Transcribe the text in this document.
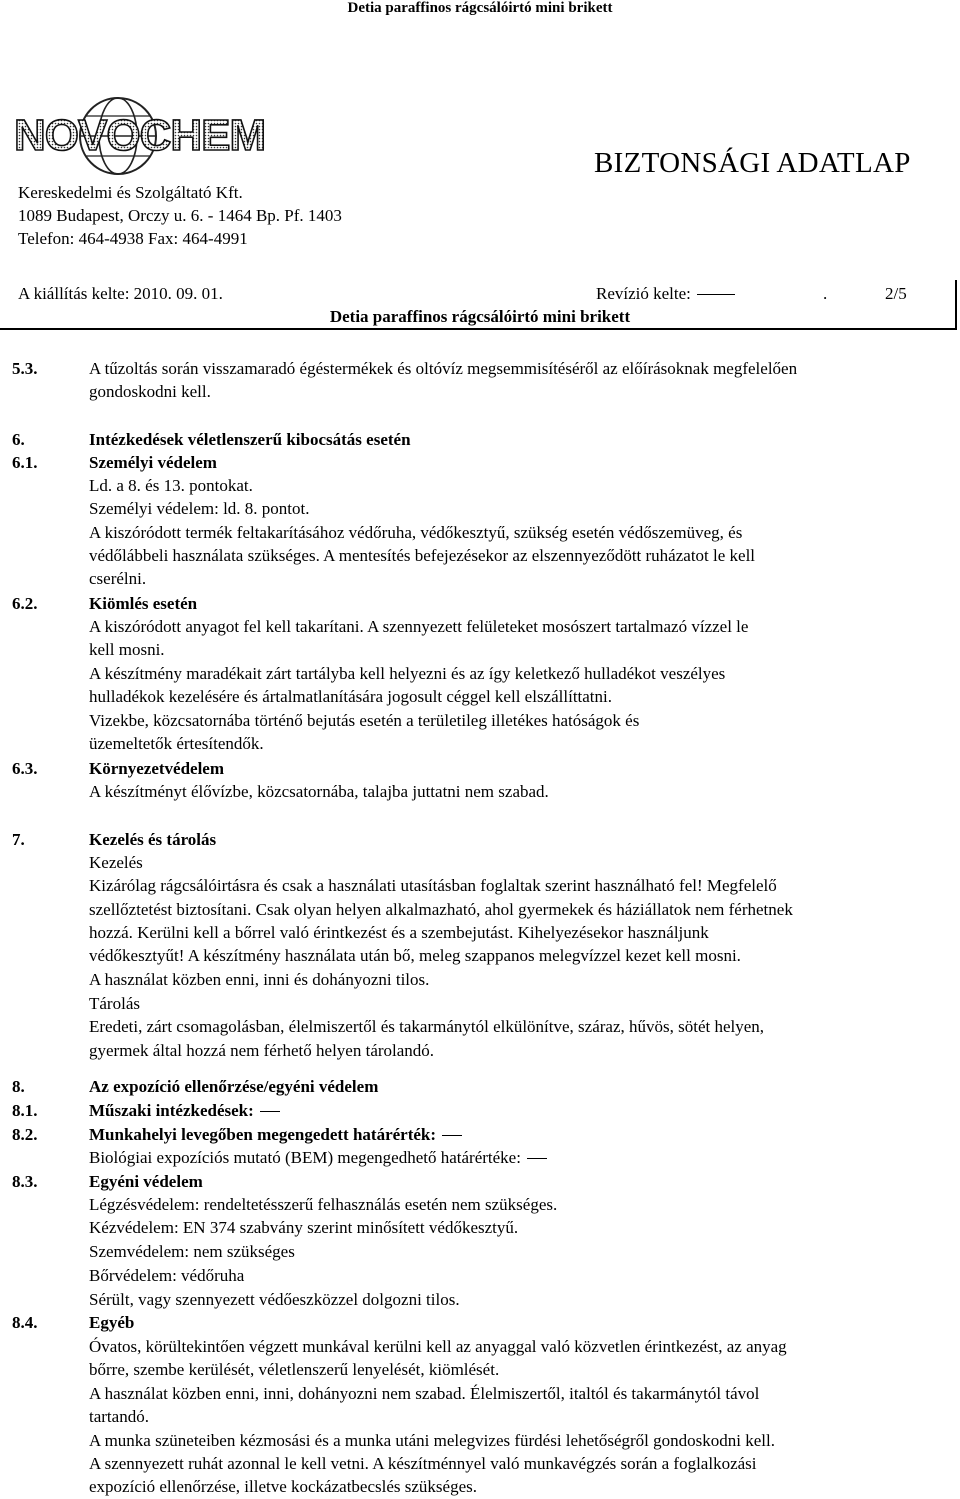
Detia paraffinos rágcsálóirtó mini brikett
NOVOCHEM
Kereskedelmi és Szolgáltató Kft.
1089 Budapest, Orczy u. 6. - 1464 Bp. Pf. 1403
Telefon: 464-4938 Fax: 464-4991
BIZTONSÁGI ADATLAP
A kiállítás kelte: 2010. 09. 01.	Revízió kelte:	.	2/5
Detia paraffinos rágcsálóirtó mini brikett
5.3.	A tűzoltás során visszamaradó égéstermékek és oltóvíz megsemmisítéséről az előírásoknak megfelelően
gondoskodni kell.
6.	Intézkedések véletlenszerű kibocsátás esetén
6.1.	Személyi védelem
Ld. a 8. és 13. pontokat.
Személyi védelem: ld. 8. pontot.
A kiszóródott termék feltakarításához védőruha, védőkesztyű, szükség esetén védőszemüveg, és
védőlábbeli használata szükséges. A mentesítés befejezésekor az elszennyeződött ruházatot le kell
cserélni.
6.2.	Kiömlés esetén
A kiszóródott anyagot fel kell takarítani. A szennyezett felületeket mosószert tartalmazó vízzel le
kell mosni.
A készítmény maradékait zárt tartályba kell helyezni és az így keletkező hulladékot veszélyes
hulladékok kezelésére és ártalmatlanítására jogosult céggel kell elszállíttatni.
Vizekbe, közcsatornába történő bejutás esetén a területileg illetékes hatóságok és
üzemeltetők értesítendők.
6.3.	Környezetvédelem
A készítményt élővízbe, közcsatornába, talajba juttatni nem szabad.
7.	Kezelés és tárolás
Kezelés
Kizárólag rágcsálóirtásra és csak a használati utasításban foglaltak szerint használható fel! Megfelelő
szellőztetést biztosítani. Csak olyan helyen alkalmazható, ahol gyermekek és háziállatok nem férhetnek
hozzá. Kerülni kell a bőrrel való érintkezést és a szembejutást. Kihelyezésekor használjunk
védőkesztyűt! A készítmény használata után bő, meleg szappanos melegvízzel kezet kell mosni.
A használat közben enni, inni és dohányozni tilos.
Tárolás
Eredeti, zárt csomagolásban, élelmiszertől és takarmánytól elkülönítve, száraz, hűvös, sötét helyen,
gyermek által hozzá nem férhető helyen tárolandó.
8.	Az expozíció ellenőrzése/egyéni védelem
8.1.	Műszaki intézkedések:
8.2.	Munkahelyi levegőben megengedett határérték:
Biológiai expozíciós mutató (BEM) megengedhető határértéke:
8.3.	Egyéni védelem
Légzésvédelem: rendeltetésszerű felhasználás esetén nem szükséges.
Kézvédelem: EN 374 szabvány szerint minősített védőkesztyű.
Szemvédelem: nem szükséges
Bőrvédelem: védőruha
Sérült, vagy szennyezett védőeszközzel dolgozni tilos.
8.4.	Egyéb
Óvatos, körültekintően végzett munkával kerülni kell az anyaggal való közvetlen érintkezést, az anyag
bőrre, szembe kerülését, véletlenszerű lenyelését, kiömlését.
A használat közben enni, inni, dohányozni nem szabad. Élelmiszertől, italtól és takarmánytól távol
tartandó.
A munka szüneteiben kézmosási és a munka utáni melegvizes fürdési lehetőségről gondoskodni kell.
A szennyezett ruhát azonnal le kell vetni. A készítménnyel való munkavégzés során a foglalkozási
expozíció ellenőrzése, illetve kockázatbecslés szükséges.
